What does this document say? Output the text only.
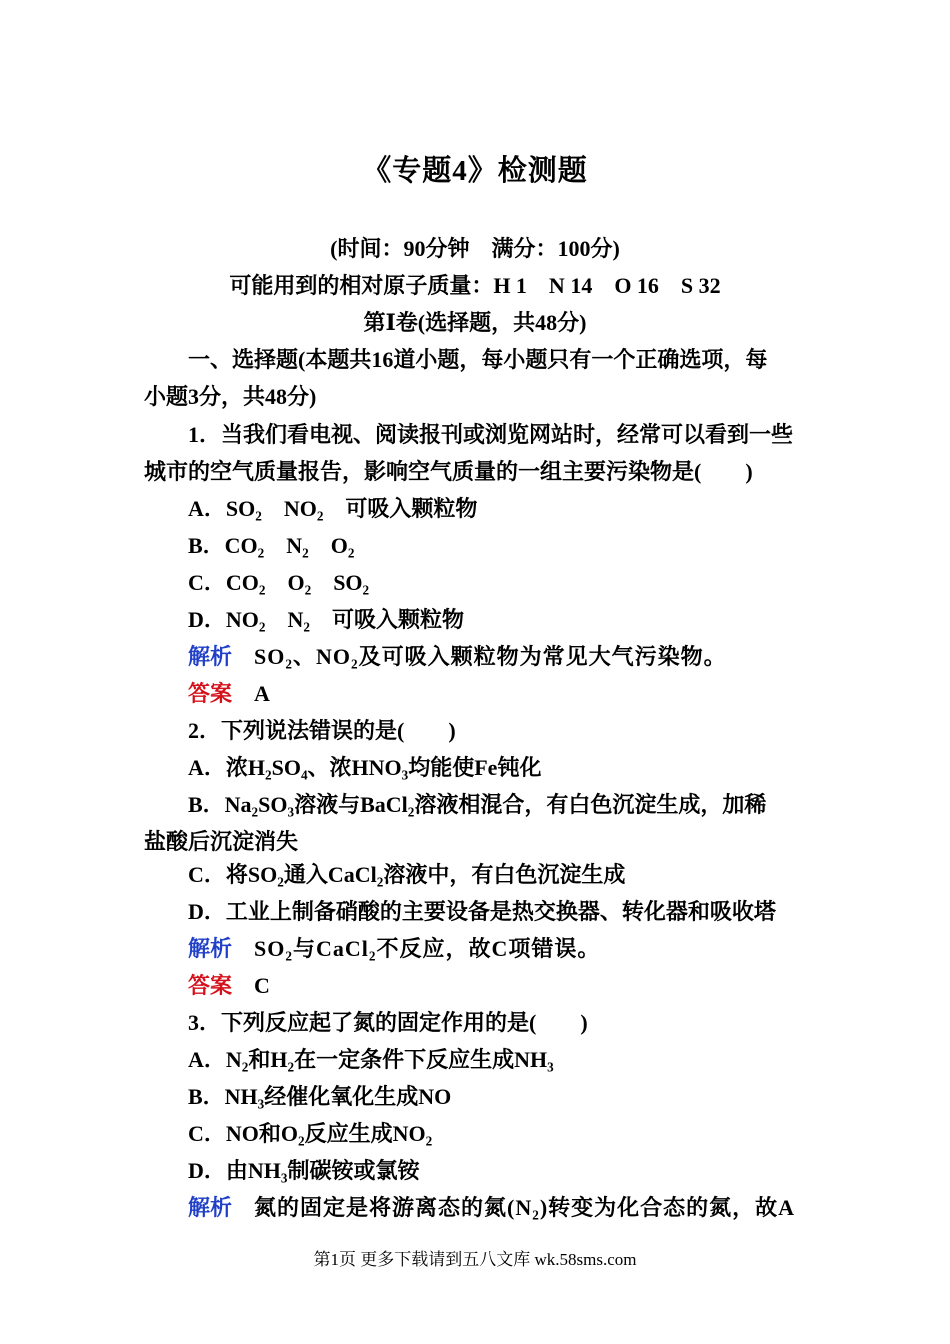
《专题4》检测题
(时间：90分钟　满分：100分)
可能用到的相对原子质量：H 1　N 14　O 16　S 32
第Ⅰ卷(选择题，共48分)
一、选择题(本题共16道小题，每小题只有一个正确选项，每
小题3分，共48分)
1．当我们看电视、阅读报刊或浏览网站时，经常可以看到一些
城市的空气质量报告，影响空气质量的一组主要污染物是(　　)
A．SO₂　NO₂　可吸入颗粒物
B．CO₂　N₂　O₂
C．CO₂　O₂　SO₂
D．NO₂　N₂　可吸入颗粒物
解析　 SO₂、NO₂及可吸入颗粒物为常见大气污染物。
答案　 A
2．下列说法错误的是(　　)
A．浓H₂SO₄、浓HNO₃均能使Fe钝化
B．Na₂SO₃溶液与BaCl₂溶液相混合，有白色沉淀生成，加稀
盐酸后沉淀消失
C．将SO₂通入CaCl₂溶液中，有白色沉淀生成
D．工业上制备硝酸的主要设备是热交换器、转化器和吸收塔
解析　 SO₂与CaCl₂不反应，故C项错误。
答案　 C
3．下列反应起了氮的固定作用的是(　　)
A．N₂和H₂在一定条件下反应生成NH₃
B．NH₃经催化氧化生成NO
C．NO和O₂反应生成NO₂
D．由NH₃制碳铵或氯铵
解析　 氮的固定是将游离态的氮(N₂)转变为化合态的氮，故A
第1页 更多下载请到五八文库 wk.58sms.com
